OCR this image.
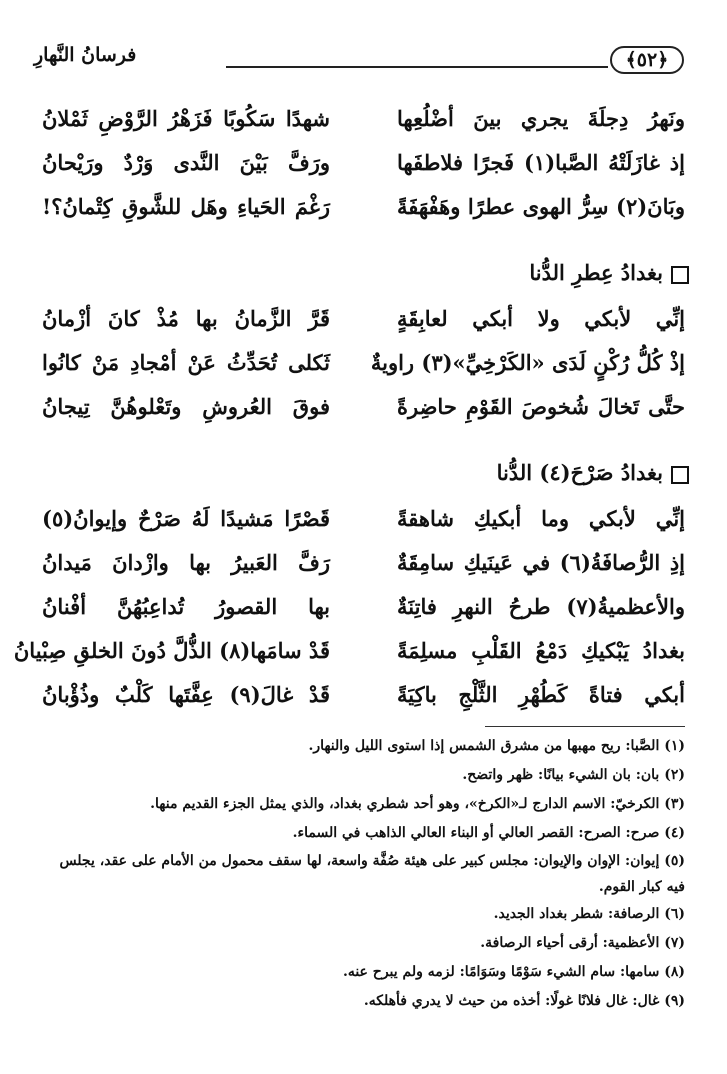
فرسانُ النَّهارِ	﴿٥٢﴾
ونَهرُ دِجلَةَ يجري بينَ أضْلُعِها
شهدًا سَكُوبًا فَزَهْرُ الرَّوْضِ ثَمْلانُ
إذ غازَلَتْهُ الصَّبا(١) فَجرًا فلاطفَها
ورَفَّ بَيْنَ النَّدى وَرْدٌ ورَيْحانُ
وبَانَ(٢) سِرُّ الهوى عطرًا وهَفْهَفَةً
رَغْمَ الحَياءِ وهَل للشَّوقِ كِتْمانُ؟!
بغدادُ عِطرِ الدُّنا
إنِّي لأبكي ولا أبكي لعابِقَةٍ
قَرَّ الزَّمانُ بها مُذْ كانَ أزْمانُ
إذْ كُلُّ رُكْنٍ لَدَى «الكَرْخِيِّ»(٣) راويةٌ
ثَكلى تُحَدِّثُ عَنْ أمْجادِ مَنْ كانُوا
حتَّى تَخالَ شُخوصَ القَوْمِ حاضِرةً
فوقَ العُروشِ وتَعْلوهُنَّ تِيجانُ
بغدادُ صَرْحَ(٤) الدُّنا
إنِّي لأبكي وما أبكيكِ شاهقةً
قَصْرًا مَشيدًا لَهُ صَرْحٌ وإيوانُ(٥)
إذِ الرُّصافَةُ(٦) في عَينَيكِ سامِقَةٌ
رَفَّ العَبيرُ بها وازْدانَ مَيدانُ
والأعظميةُ(٧) طرحُ النهرِ فاتِنَةٌ
بها القصورُ تُداعِبُهُنَّ أفْنانُ
بغدادُ يَبْكيكِ دَمْعُ القَلْبِ مسلِمَةً
قَدْ سامَها(٨) الذُّلَّ دُونَ الخلقِ صِبْيانُ
أبكي فتاةً كَطُهْرِ الثَّلْجِ باكِيَةً
قَدْ غالَ(٩) عِفَّتَها كَلْبٌ وذُؤْبانُ
(١) الصَّبا: ريح مهبها من مشرق الشمس إذا استوى الليل والنهار.
(٢) بان: بان الشيء بيانًا: ظهر واتضح.
(٣) الكرخيّ: الاسم الدارج لـ«الكرخ»، وهو أحد شطري بغداد، والذي يمثل الجزء القديم منها.
(٤) صرح: الصرح: القصر العالي أو البناء العالي الذاهب في السماء.
(٥) إيوان: الإوان والإيوان: مجلس كبير على هيئة صُفَّة واسعة، لها سقف محمول من الأمام على عقد، يجلس فيه كبار القوم.
(٦) الرصافة: شطر بغداد الجديد.
(٧) الأعظمية: أرقى أحياء الرصافة.
(٨) سامها: سام الشيء سَوْمًا وسَوَامًا: لزمه ولم يبرح عنه.
(٩) غال: غال فلانًا غولًا: أخذه من حيث لا يدري فأهلكه.
